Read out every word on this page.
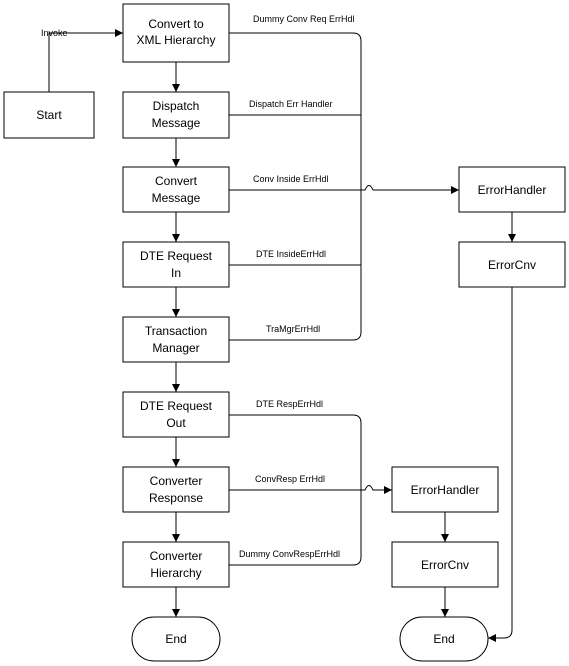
Invoke
Dummy Conv Req ErrHdl
Dispatch Err Handler
Conv Inside ErrHdl
DTE InsideErrHdl
TraMgrErrHdl
DTE RespErrHdl
ConvResp ErrHdl
Dummy ConvRespErrHdl
Start
Convert to
XML Hierarchy
Dispatch
Message
Convert
Message
DTE Request
In
Transaction
Manager
DTE Request
Out
Converter
Response
Converter
Hierarchy
End
ErrorHandler
ErrorCnv
ErrorHandler
ErrorCnv
End
